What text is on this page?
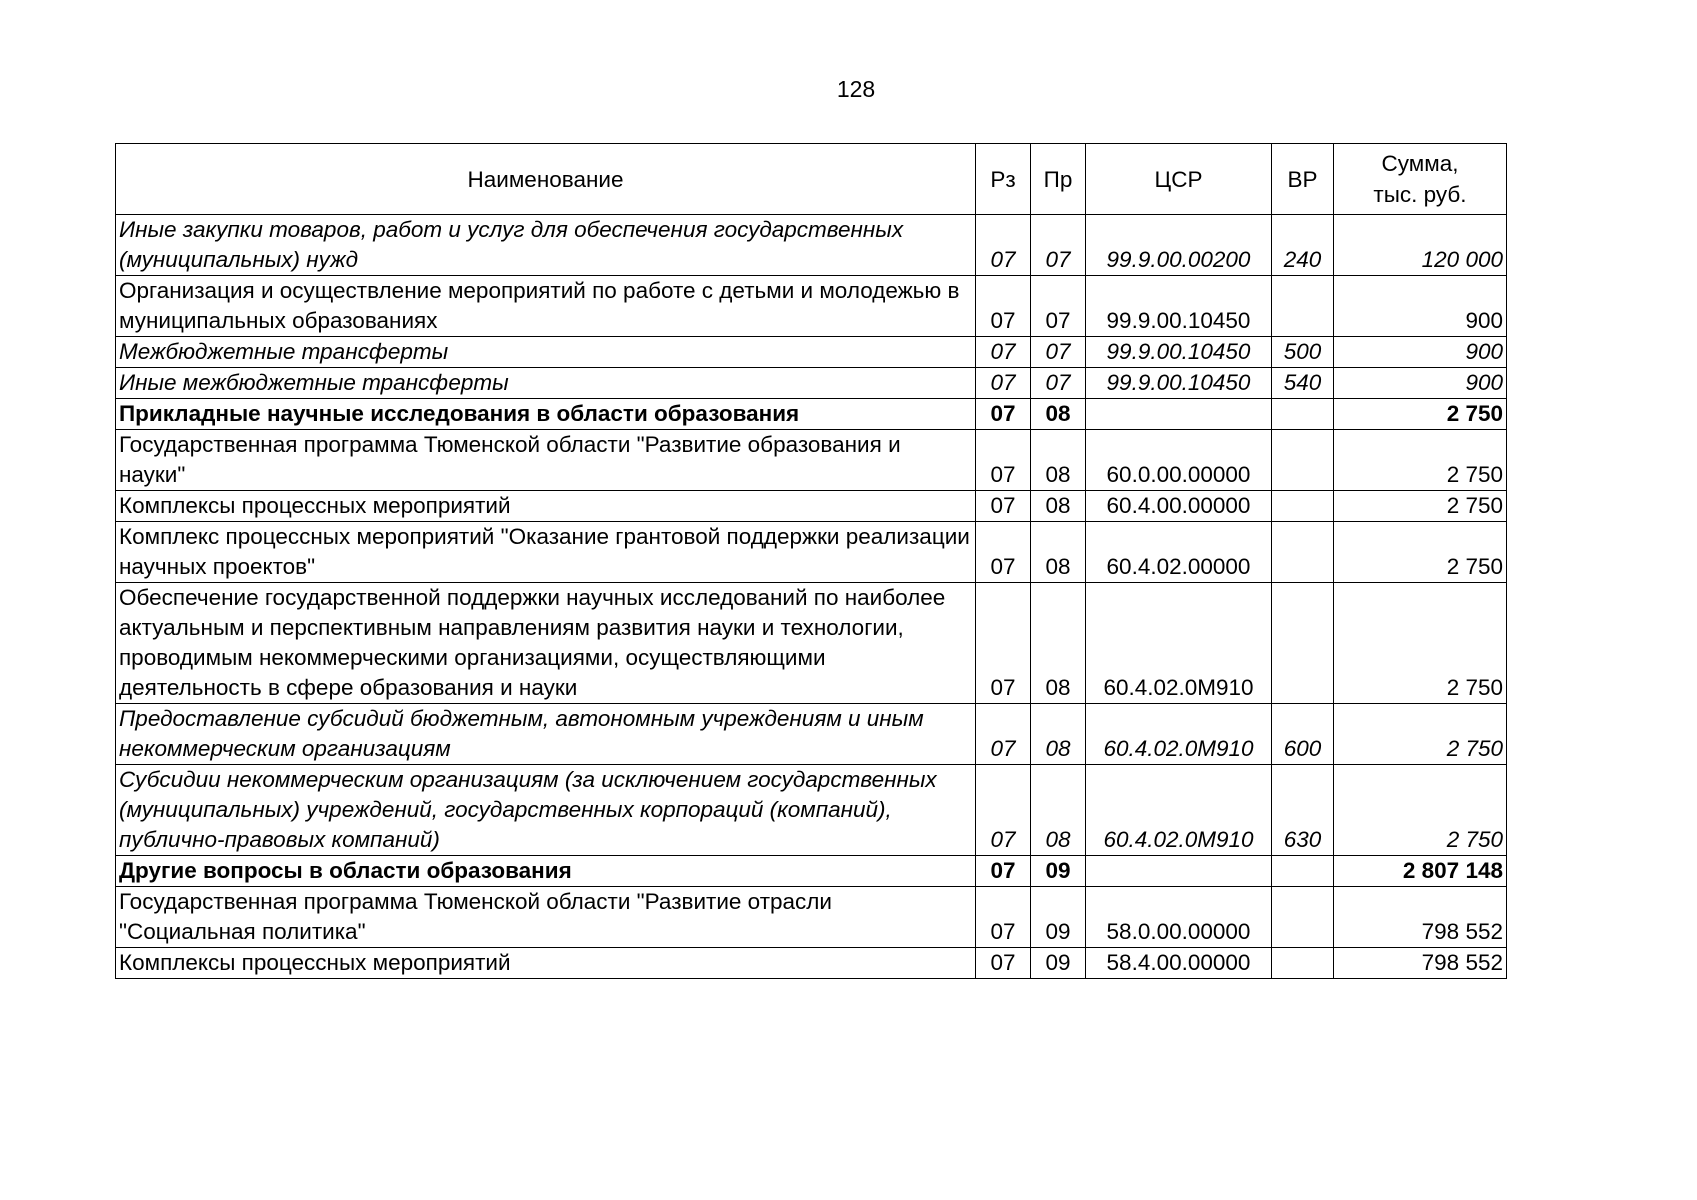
128
Наименование	Рз	Пр	ЦСР	ВР	Сумма,
тыс. руб.
Иные закупки товаров, работ и услуг для обеспечения государственных (муниципальных) нужд	07	07	99.9.00.00200	240	120 000
Организация и осуществление мероприятий по работе с детьми и молодежью в муниципальных образованиях	07	07	99.9.00.10450		900
Межбюджетные трансферты	07	07	99.9.00.10450	500	900
Иные межбюджетные трансферты	07	07	99.9.00.10450	540	900
Прикладные научные исследования в области образования	07	08			2 750
Государственная программа Тюменской области "Развитие образования и науки"	07	08	60.0.00.00000		2 750
Комплексы процессных мероприятий	07	08	60.4.00.00000		2 750
Комплекс процессных мероприятий "Оказание грантовой поддержки реализации научных проектов"	07	08	60.4.02.00000		2 750
Обеспечение государственной поддержки научных исследований по наиболее актуальным и перспективным направлениям развития науки и технологии, проводимым некоммерческими организациями, осуществляющими деятельность в сфере образования и науки	07	08	60.4.02.0М910		2 750
Предоставление субсидий бюджетным, автономным учреждениям и иным некоммерческим организациям	07	08	60.4.02.0М910	600	2 750
Субсидии некоммерческим организациям (за исключением государственных (муниципальных) учреждений, государственных корпораций (компаний), публично-правовых компаний)	07	08	60.4.02.0М910	630	2 750
Другие вопросы в области образования	07	09			2 807 148
Государственная программа Тюменской области "Развитие отрасли "Социальная политика"	07	09	58.0.00.00000		798 552
Комплексы процессных мероприятий	07	09	58.4.00.00000		798 552
